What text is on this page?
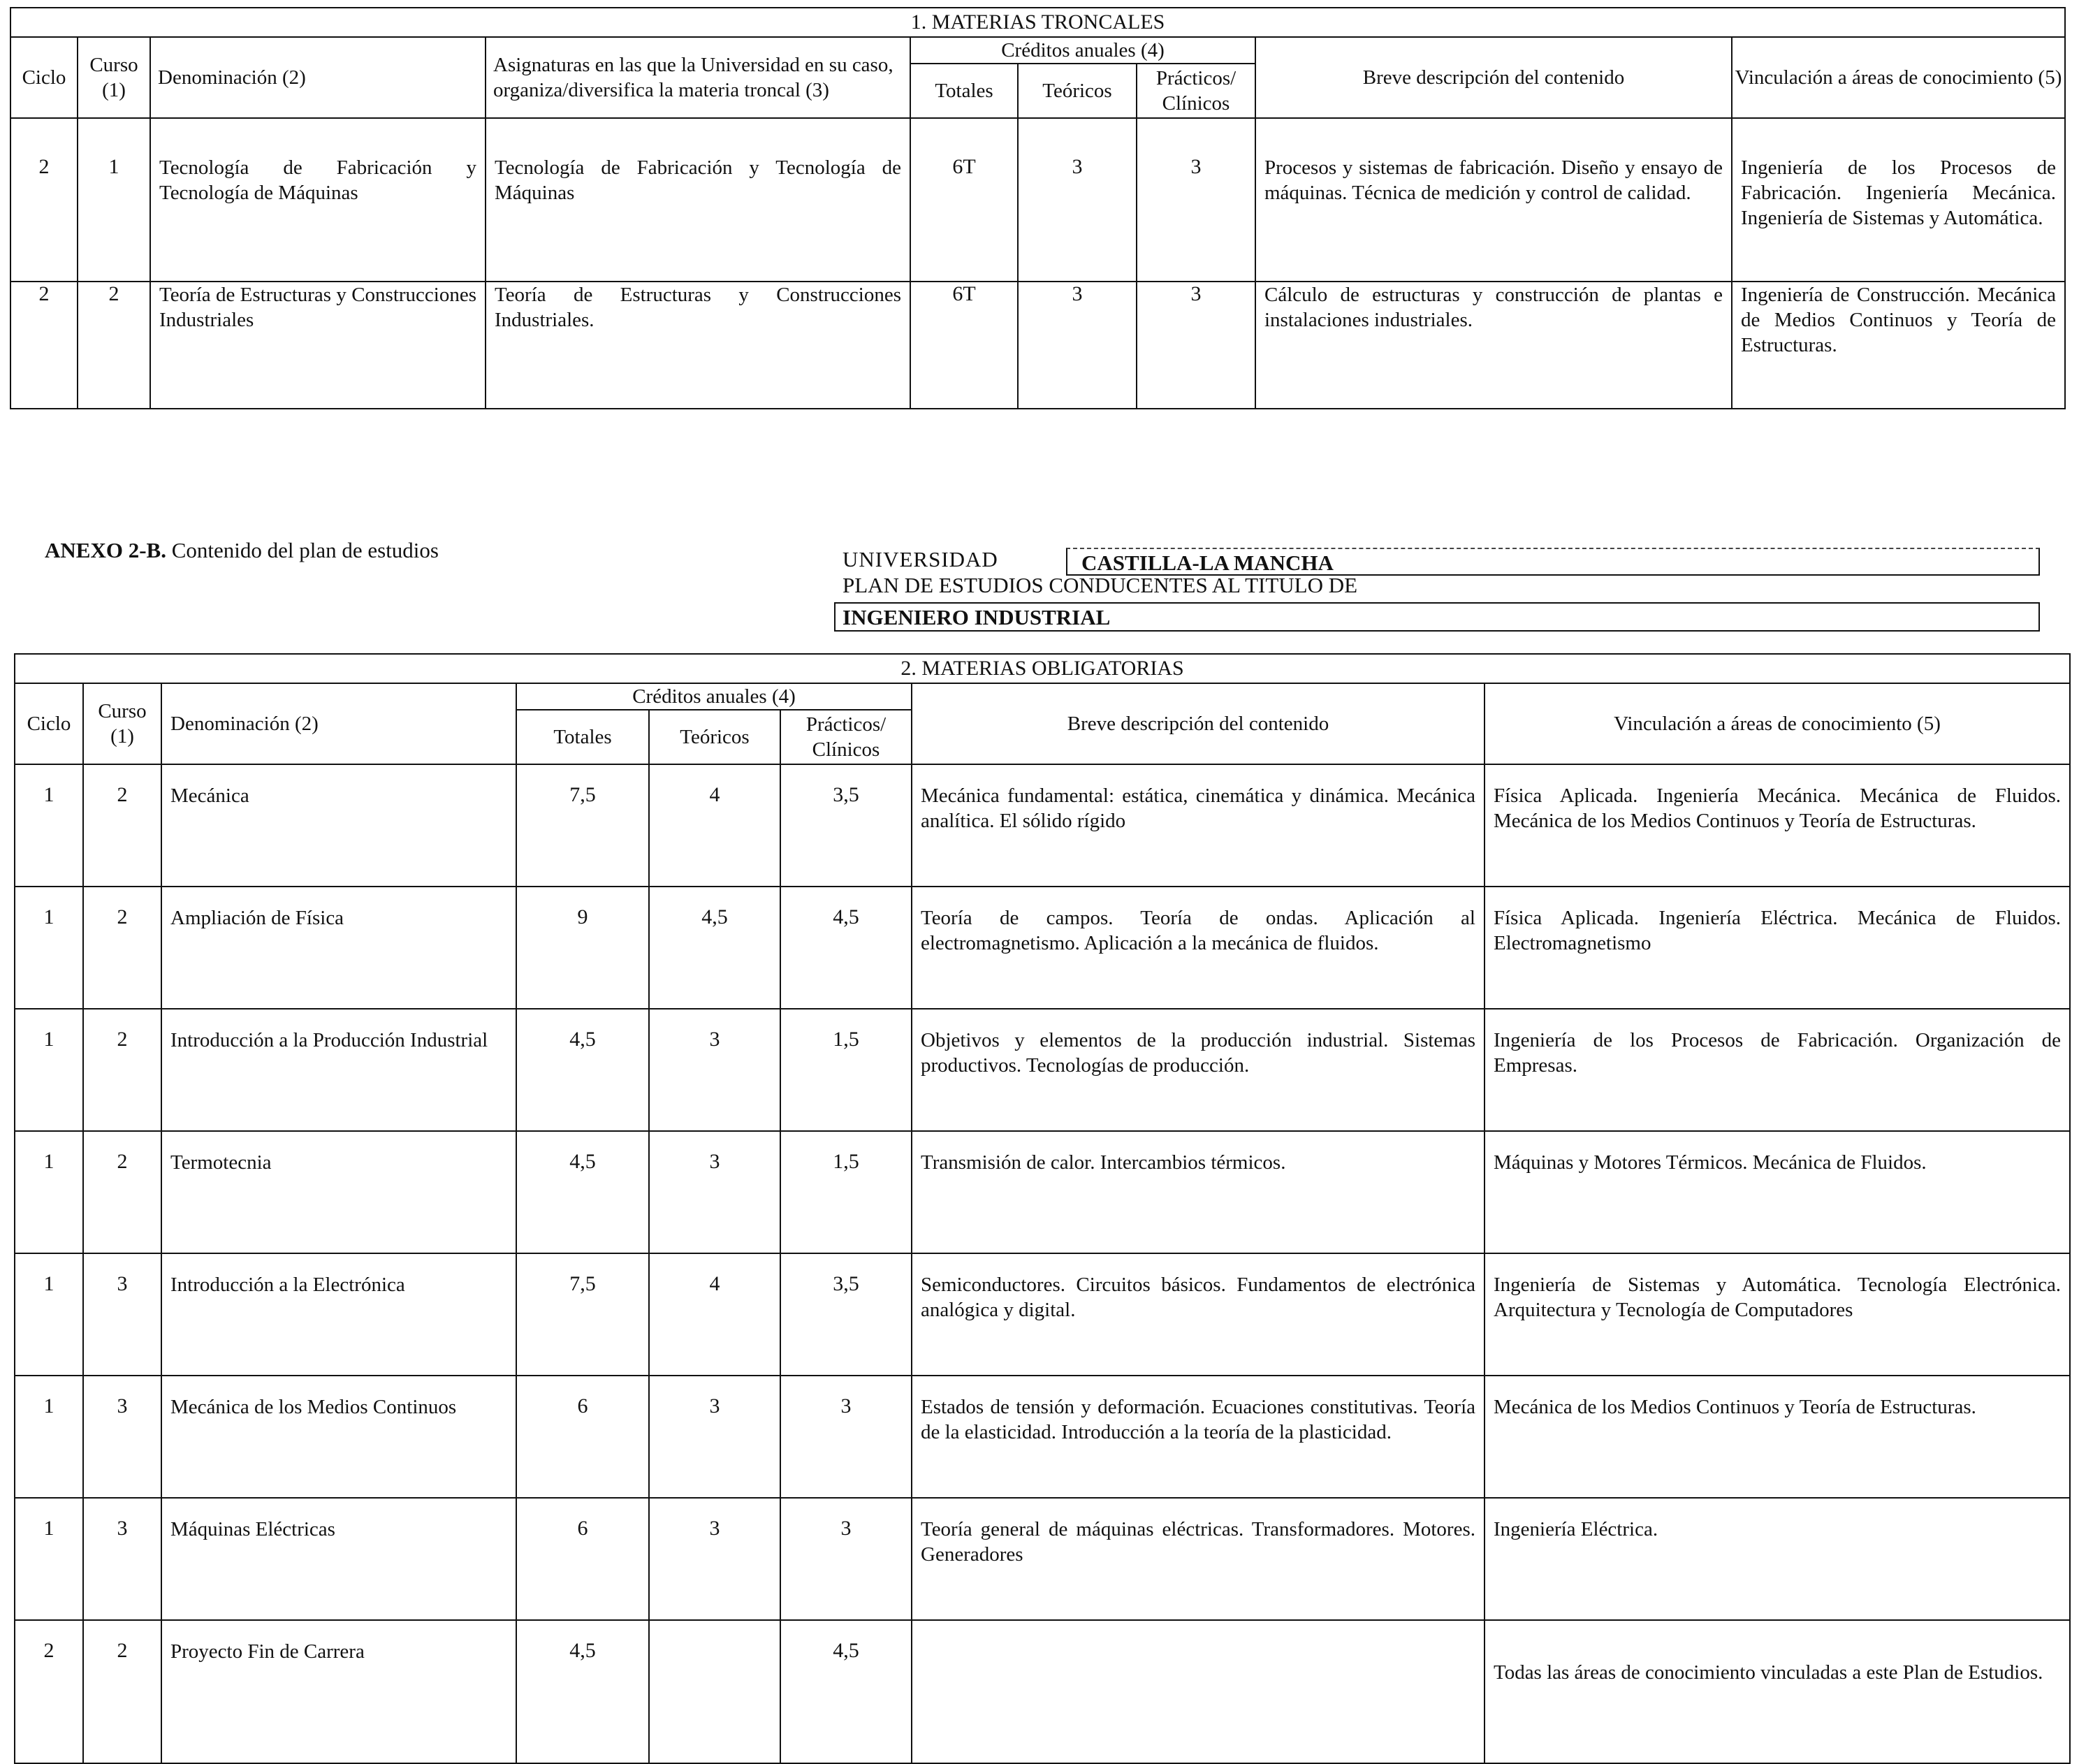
1. MATERIAS TRONCALES								
Ciclo	Curso (1)	Denominación (2)	Asignaturas en las que la Universidad en su caso, organiza/diversifica la materia troncal (3)	Créditos anuales (4)			Breve descripción del contenido	Vinculación a áreas de conocimiento (5)
				Totales	Teóricos	Prácticos/ Clínicos		
2	1	Tecnología de Fabricación y Tecnología de Máquinas	Tecnología de Fabricación y Tecnología de Máquinas	6T	3	3	Procesos y sistemas de fabricación. Diseño y ensayo de máquinas. Técnica de medición y control de calidad.	Ingeniería de los Procesos de Fabricación. Ingeniería Mecánica. Ingeniería de Sistemas y Automática.
2	2	Teoría de Estructuras y Construcciones Industriales	Teoría de Estructuras y Construcciones Industriales.	6T	3	3	Cálculo de estructuras y construcción de plantas e instalaciones industriales.	Ingeniería de Construcción. Mecánica de Medios Continuos y Teoría de Estructuras.
ANEXO 2-B. Contenido del plan de estudios	UNIVERSIDAD	CASTILLA-LA MANCHA
PLAN DE ESTUDIOS CONDUCENTES AL TITULO DE
INGENIERO INDUSTRIAL
2. MATERIAS OBLIGATORIAS							
Ciclo	Curso (1)	Denominación (2)	Créditos anuales (4)			Breve descripción del contenido	Vinculación a áreas de conocimiento (5)
			Totales	Teóricos	Prácticos/ Clínicos		
1	2	Mecánica	7,5	4	3,5	Mecánica fundamental: estática, cinemática y dinámica. Mecánica analítica. El sólido rígido	Física Aplicada. Ingeniería Mecánica. Mecánica de Fluidos. Mecánica de los Medios Continuos y Teoría de Estructuras.
1	2	Ampliación de Física	9	4,5	4,5	Teoría de campos. Teoría de ondas. Aplicación al electromagnetismo. Aplicación a la mecánica de fluidos.	Física Aplicada. Ingeniería Eléctrica. Mecánica de Fluidos. Electromagnetismo
1	2	Introducción a la Producción Industrial	4,5	3	1,5	Objetivos y elementos de la producción industrial. Sistemas productivos. Tecnologías de producción.	Ingeniería de los Procesos de Fabricación. Organización de Empresas.
1	2	Termotecnia	4,5	3	1,5	Transmisión de calor. Intercambios térmicos.	Máquinas y Motores Térmicos. Mecánica de Fluidos.
1	3	Introducción a la Electrónica	7,5	4	3,5	Semiconductores. Circuitos básicos. Fundamentos de electrónica analógica y digital.	Ingeniería de Sistemas y Automática. Tecnología Electrónica. Arquitectura y Tecnología de Computadores
1	3	Mecánica de los Medios Continuos	6	3	3	Estados de tensión y deformación. Ecuaciones constitutivas. Teoría de la elasticidad. Introducción a la teoría de la plasticidad.	Mecánica de los Medios Continuos y Teoría de Estructuras.
1	3	Máquinas Eléctricas	6	3	3	Teoría general de máquinas eléctricas. Transformadores. Motores. Generadores	Ingeniería Eléctrica.
2	2	Proyecto Fin de Carrera	4,5		4,5		Todas las áreas de conocimiento vinculadas a este Plan de Estudios.
